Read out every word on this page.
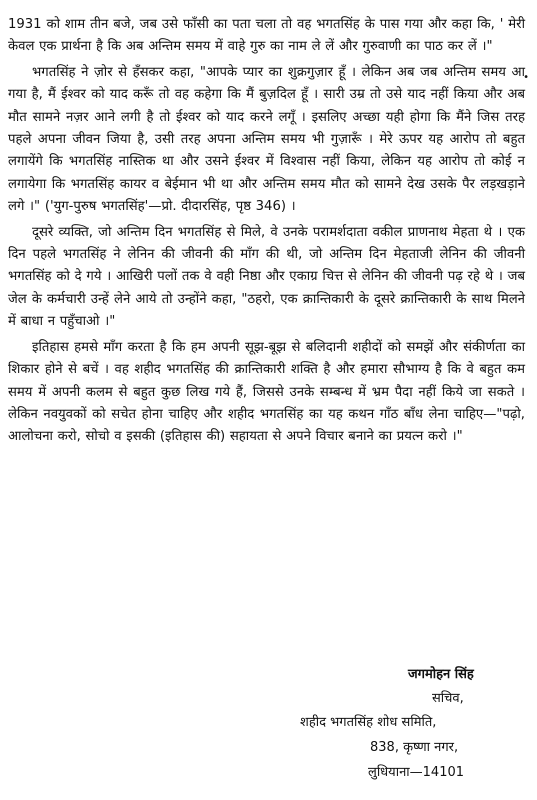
1931 को शाम तीन बजे, जब उसे फाँसी का पता चला तो वह भगतसिंह के पास गया और कहा कि, ' मेरी केवल एक प्रार्थना है कि अब अन्तिम समय में वाहे गुरु का नाम ले लें और गुरुवाणी का पाठ कर लें ।"

भगतसिंह ने ज़ोर से हँसकर कहा, "आपके प्यार का शुक्रगुज़ार हूँ । लेकिन अब जब अन्तिम समय आ गया है, मैं ईश्वर को याद करूँ तो वह कहेगा कि मैं बुज़दिल हूँ । सारी उम्र तो उसे याद नहीं किया और अब मौत सामने नज़र आने लगी है तो ईश्वर को याद करने लगूँ । इसलिए अच्छा यही होगा कि मैंने जिस तरह पहले अपना जीवन जिया है, उसी तरह अपना अन्तिम समय भी गुज़ारूँ । मेरे ऊपर यह आरोप तो बहुत लगायेंगे कि भगतसिंह नास्तिक था और उसने ईश्वर में विश्वास नहीं किया, लेकिन यह आरोप तो कोई न लगायेगा कि भगतसिंह कायर व बेईमान भी था और अन्तिम समय मौत को सामने देख उसके पैर लड़खड़ाने लगे ।" ('युग-पुरुष भगतसिंह'—प्रो. दीदारसिंह, पृष्ठ 346) ।

दूसरे व्यक्ति, जो अन्तिम दिन भगतसिंह से मिले, वे उनके परामर्शदाता वकील प्राणनाथ मेहता थे । एक दिन पहले भगतसिंह ने लेनिन की जीवनी की माँग की थी, जो अन्तिम दिन मेहताजी लेनिन की जीवनी भगतसिंह को दे गये । आखिरी पलों तक वे वही निष्ठा और एकाग्र चित्त से लेनिन की जीवनी पढ़ रहे थे । जब जेल के कर्मचारी उन्हें लेने आये तो उन्होंने कहा, "ठहरो, एक क्रान्तिकारी के दूसरे क्रान्तिकारी के साथ मिलने में बाधा न पहुँचाओ ।"

इतिहास हमसे माँग करता है कि हम अपनी सूझ-बूझ से बलिदानी शहीदों को समझें और संकीर्णता का शिकार होने से बचें । वह शहीद भगतसिंह की क्रान्तिकारी शक्ति है और हमारा सौभाग्य है कि वे बहुत कम समय में अपनी कलम से बहुत कुछ लिख गये हैं, जिससे उनके सम्बन्ध में भ्रम पैदा नहीं किये जा सकते । लेकिन नवयुवकों को सचेत होना चाहिए और शहीद भगतसिंह का यह कथन गाँठ बाँध लेना चाहिए—"पढ़ो, आलोचना करो, सोचो व इसकी (इतिहास की) सहायता से अपने विचार बनाने का प्रयत्न करो ।"

•
जगमोहन सिंह
सचिव,
शहीद भगतसिंह शोध समिति,
838, कृष्णा नगर,
लुधियाना—14101
